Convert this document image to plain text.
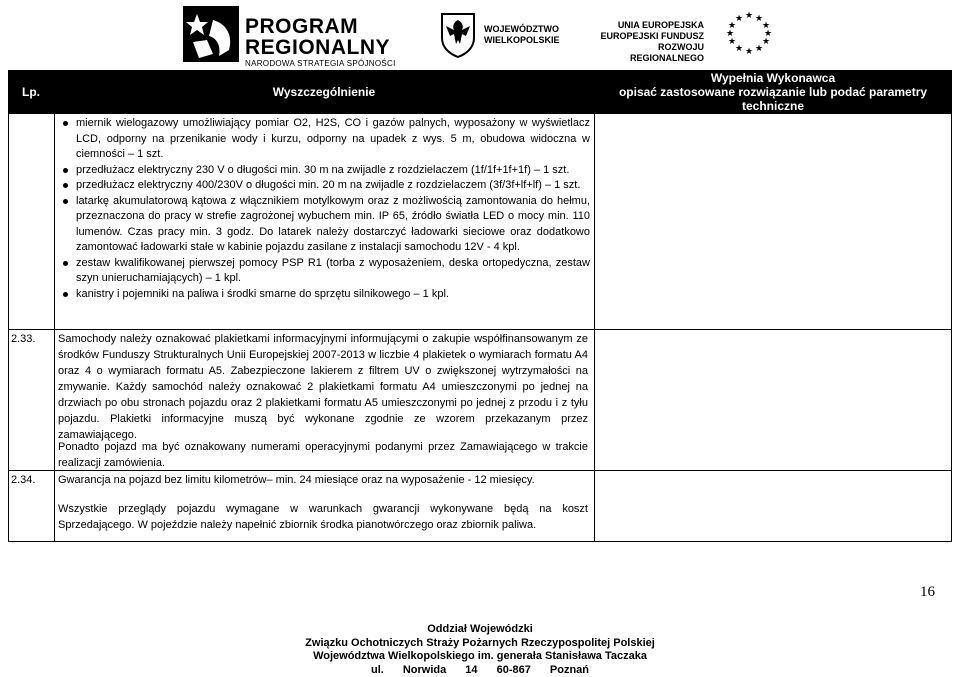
PROGRAM
REGIONALNY
NARODOWA STRATEGIA SPÓJNOŚCI
WOJEWÓDZTWO
WIELKOPOLSKIE
UNIA EUROPEJSKA
EUROPEJSKI FUNDUSZ
ROZWOJU REGIONALNEGO
★ ★
★
★
★
★
★
★
★
★
★
★
Lp.	Wyszczególnienie
Wypełnia Wykonawca
opisać zastosowane rozwiązanie lub podać parametry techniczne
miernik wielogazowy umożliwiający pomiar O2, H2S, CO i gazów palnych, wyposażony w wyświetlacz LCD, odporny na przenikanie wody i kurzu, odporny na upadek z wys. 5 m, obudowa widoczna w ciemności – 1 szt.
przedłużacz elektryczny 230 V o długości min. 30 m na zwijadle z rozdzielaczem (1f/1f+1f+1f) – 1 szt.
przedłużacz elektryczny 400/230V o długości min. 20 m na zwijadle z rozdzielaczem (3f/3f+lf+lf) – 1 szt.
latarkę akumulatorową kątowa z włącznikiem motylkowym oraz z możliwością zamontowania do hełmu, przeznaczona do pracy w strefie zagrożonej wybuchem min. IP 65, źródło światła LED o mocy min. 110 lumenów. Czas pracy min. 3 godz. Do latarek należy dostarczyć ładowarki sieciowe oraz dodatkowo zamontować ładowarki stałe w kabinie pojazdu zasilane z instalacji samochodu 12V - 4 kpl.
zestaw kwalifikowanej pierwszej pomocy PSP R1 (torba z wyposażeniem, deska ortopedyczna, zestaw szyn unieruchamiających) – 1 kpl.
kanistry i pojemniki na paliwa i środki smarne do sprzętu silnikowego – 1 kpl.
2.33. Samochody należy oznakować plakietkami informacyjnymi informującymi o zakupie współfinansowanym ze środków Funduszy Strukturalnych Unii Europejskiej 2007-2013 w liczbie 4 plakietek o wymiarach formatu A4 oraz 4 o wymiarach formatu A5. Zabezpieczone lakierem z filtrem UV o zwiększonej wytrzymałości na zmywanie. Każdy samochód należy oznakować 2 plakietkami formatu A4 umieszczonymi po jednej na drzwiach po obu stronach pojazdu oraz 2 plakietkami formatu A5 umieszczonymi po jednej z przodu i z tyłu pojazdu. Plakietki informacyjne muszą być wykonane zgodnie ze wzorem przekazanym przez zamawiającego.
Ponadto pojazd ma być oznakowany numerami operacyjnymi podanymi przez Zamawiającego w trakcie realizacji zamówienia.
2.34. Gwarancja na pojazd bez limitu kilometrów– min. 24 miesiące oraz na wyposażenie - 12 miesięcy.
Wszystkie przeglądy pojazdu wymagane w warunkach gwarancji wykonywane będą na koszt Sprzedającego. W pojeździe należy napełnić zbiornik środka pianotwórczego oraz zbiornik paliwa.
16
Oddział Wojewódzki
Związku Ochotniczych Straży Pożarnych Rzeczypospolitej Polskiej
Województwa Wielkopolskiego im. generała Stanisława Taczaka
ul. Norwida 14 60-867 Poznań
